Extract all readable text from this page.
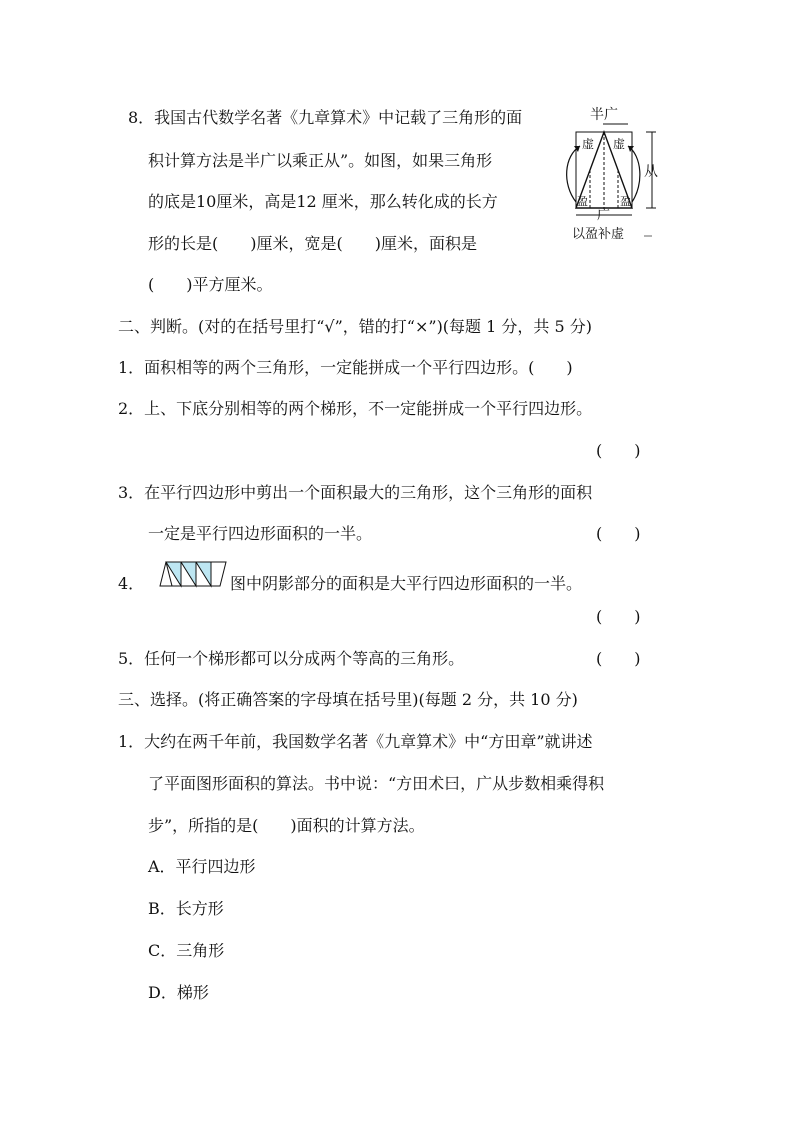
8．我国古代数学名著《九章算术》中记载了三角形的面
积计算方法是半广以乘正从”。如图，如果三角形
的底是10厘米，高是12 厘米，那么转化成的长方
形的长是(　　)厘米，宽是(　　)厘米，面积是
(　　)平方厘米。
半广
虚 虚
盈	盈
从
广
以盈补虚
二、判断。(对的在括号里打“√”，错的打“×”)(每题 1 分，共 5 分)
1．面积相等的两个三角形，一定能拼成一个平行四边形。(　　)
2．上、下底分别相等的两个梯形，不一定能拼成一个平行四边形。
(　　)
3．在平行四边形中剪出一个面积最大的三角形，这个三角形的面积
一定是平行四边形面积的一半。	(　　)
4．	图中阴影部分的面积是大平行四边形面积的一半。
(　　)
5．任何一个梯形都可以分成两个等高的三角形。	(　　)
三、选择。(将正确答案的字母填在括号里)(每题 2 分，共 10 分)
1．大约在两千年前，我国数学名著《九章算术》中“方田章”就讲述
了平面图形面积的算法。书中说：“方田术曰，广从步数相乘得积
步”，所指的是(　　)面积的计算方法。
A．平行四边形
B．长方形
C．三角形
D．梯形
